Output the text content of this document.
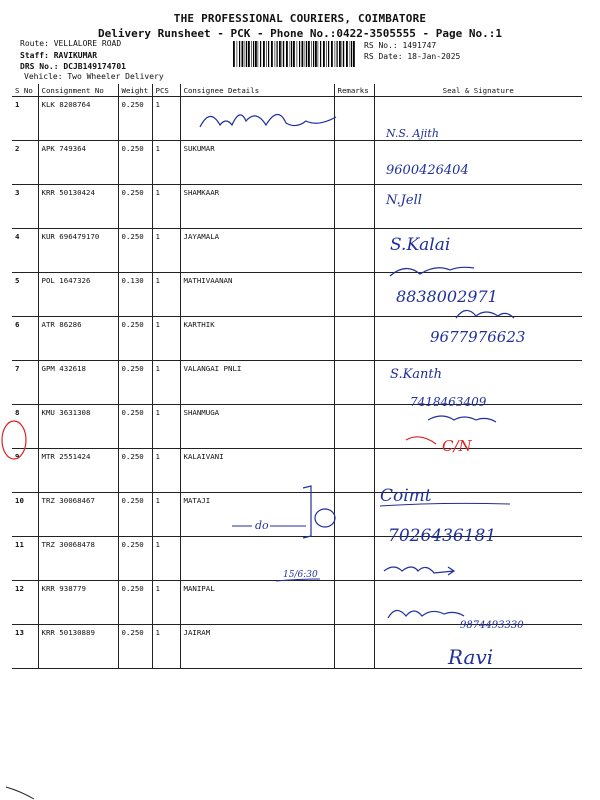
THE PROFESSIONAL COURIERS, COIMBATORE
Delivery Runsheet - PCK - Phone No.:0422-3505555 - Page No.:1
Route: VELLALORE ROAD
Staff: RAVIKUMAR
DRS No.: DCJB149174701
Vehicle: Two Wheeler Delivery
RS No.: 1491747
RS Date: 18-Jan-2025
S No	Consignment No	Weight	PCS	Consignee Details	Remarks	Seal & Signature
1	KLK 8208764	0.250	1			
2	APK 749364	0.250	1	SUKUMAR		
3	KRR 50130424	0.250	1	SHAMKAAR		
4	KUR 696479170	0.250	1	JAYAMALA		
5	POL 1647326	0.130	1	MATHIVAANAN		
6	ATR 86286	0.250	1	KARTHIK		
7	GPM 432618	0.250	1	VALANGAI PNLI		
8	KMU 3631308	0.250	1	SHANMUGA		
9	MTR 2551424	0.250	1	KALAIVANI		
10	TRZ 30068467	0.250	1	MATAJI		
11	TRZ 30068478	0.250	1			
12	KRR 938779	0.250	1	MANIPAL		
13	KRR 50130889	0.250	1	JAIRAM		
N.S. Ajith
9600426404
N.Jell
S.Kalai
8838002971
9677976623
S.Kanth
7418463409
C/N
Coimt
do
7026436181
15/6:30
9874493330
Ravi
